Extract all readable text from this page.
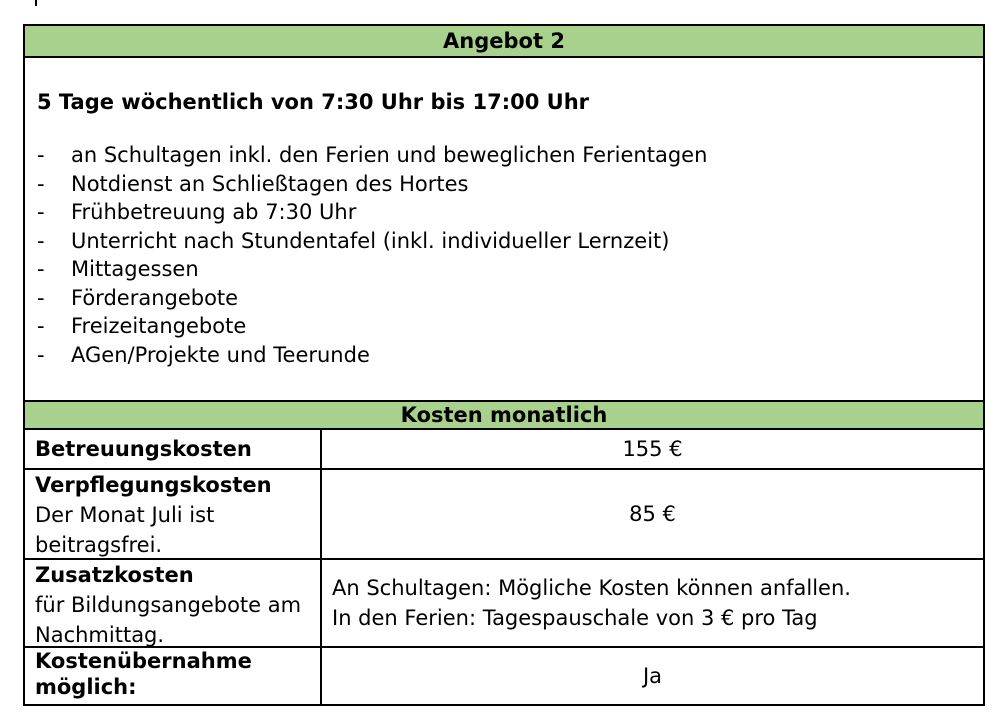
Angebot 2
5 Tage wöchentlich von 7:30 Uhr bis 17:00 Uhr
- an Schultagen inkl. den Ferien und beweglichen Ferientagen
- Notdienst an Schließtagen des Hortes
- Frühbetreuung ab 7:30 Uhr
- Unterricht nach Stundentafel (inkl. individueller Lernzeit)
- Mittagessen
- Förderangebote
- Freizeitangebote
- AGen/Projekte und Teerunde
Kosten monatlich
Betreuungskosten	155 €
Verpflegungskosten
Der Monat Juli ist beitragsfrei.
85 €
Zusatzkosten
für Bildungsangebote am Nachmittag.
An Schultagen: Mögliche Kosten können anfallen.
In den Ferien: Tagespauschale von 3 € pro Tag
Kostenübernahme möglich:	Ja
